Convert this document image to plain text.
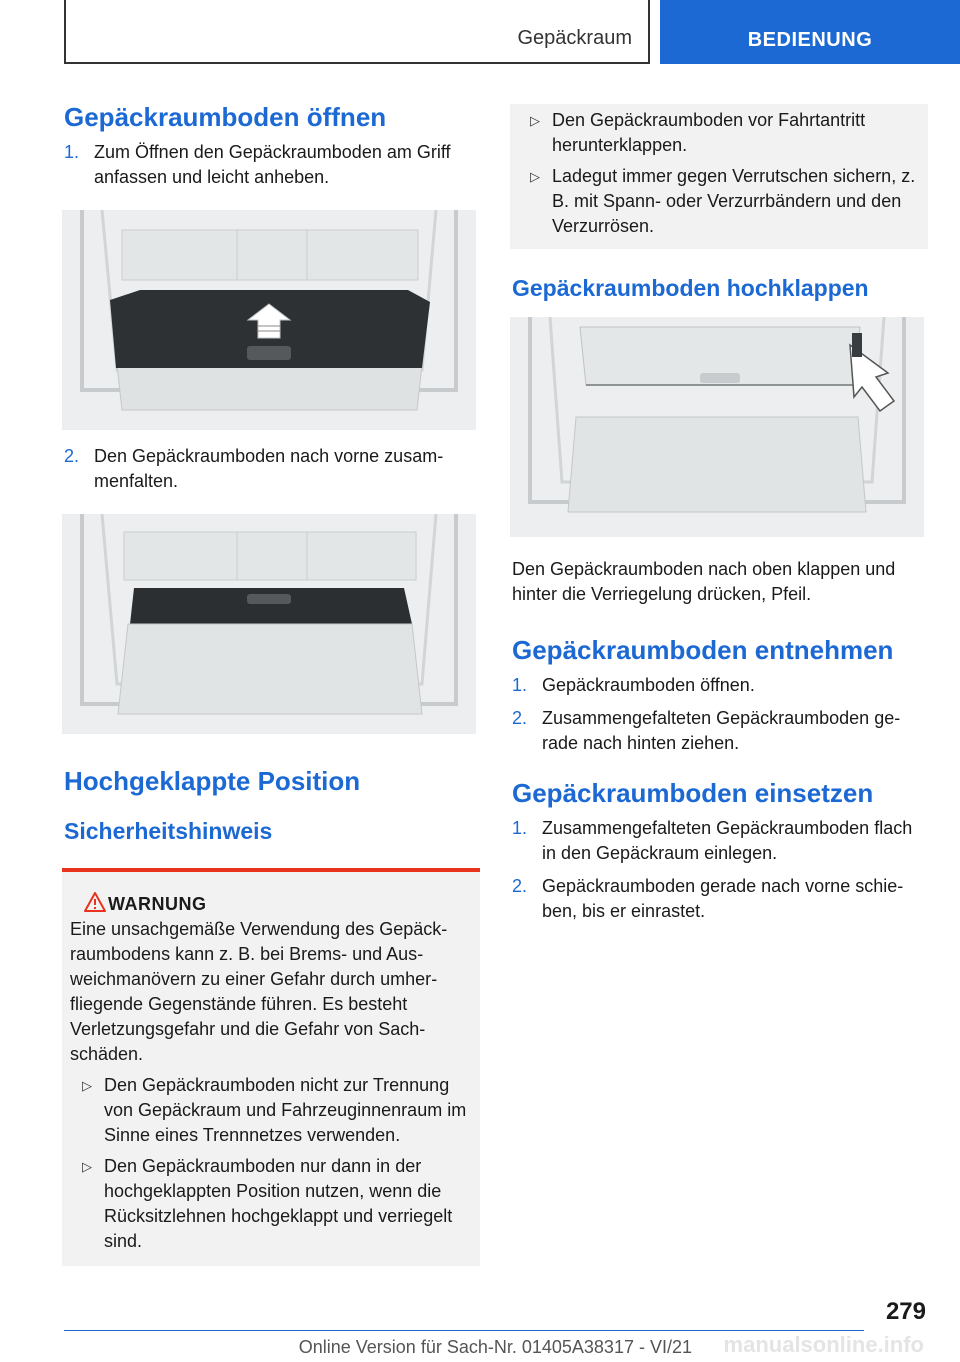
Gepäckraum	BEDIENUNG
Gepäckraumboden öffnen
1. Zum Öffnen den Gepäckraumboden am Griff anfassen und leicht anheben.
2. Den Gepäckraumboden nach vorne zusammenfalten.
Hochgeklappte Position
Sicherheitshinweis
WARNUNG
Eine unsachgemäße Verwendung des Gepäckraumbodens kann z. B. bei Brems- und Ausweichmanövern zu einer Gefahr durch umherfliegende Gegenstände führen. Es besteht Verletzungsgefahr und die Gefahr von Sachschäden.
▷ Den Gepäckraumboden nicht zur Trennung von Gepäckraum und Fahrzeuginnenraum im Sinne eines Trennnetzes verwenden.
▷ Den Gepäckraumboden nur dann in der hochgeklappten Position nutzen, wenn die Rücksitzlehnen hochgeklappt und verriegelt sind.
▷ Den Gepäckraumboden vor Fahrtantritt herunterklappen.
▷ Ladegut immer gegen Verrutschen sichern, z. B. mit Spann- oder Verzurrbändern und den Verzurrösen.
Gepäckraumboden hochklappen
Den Gepäckraumboden nach oben klappen und hinter die Verriegelung drücken, Pfeil.
Gepäckraumboden entnehmen
1. Gepäckraumboden öffnen.
2. Zusammengefalteten Gepäckraumboden gerade nach hinten ziehen.
Gepäckraumboden einsetzen
1. Zusammengefalteten Gepäckraumboden flach in den Gepäckraum einlegen.
2. Gepäckraumboden gerade nach vorne schieben, bis er einrastet.
279
Online Version für Sach-Nr. 01405A38317 - VI/21 manualsonline.info
